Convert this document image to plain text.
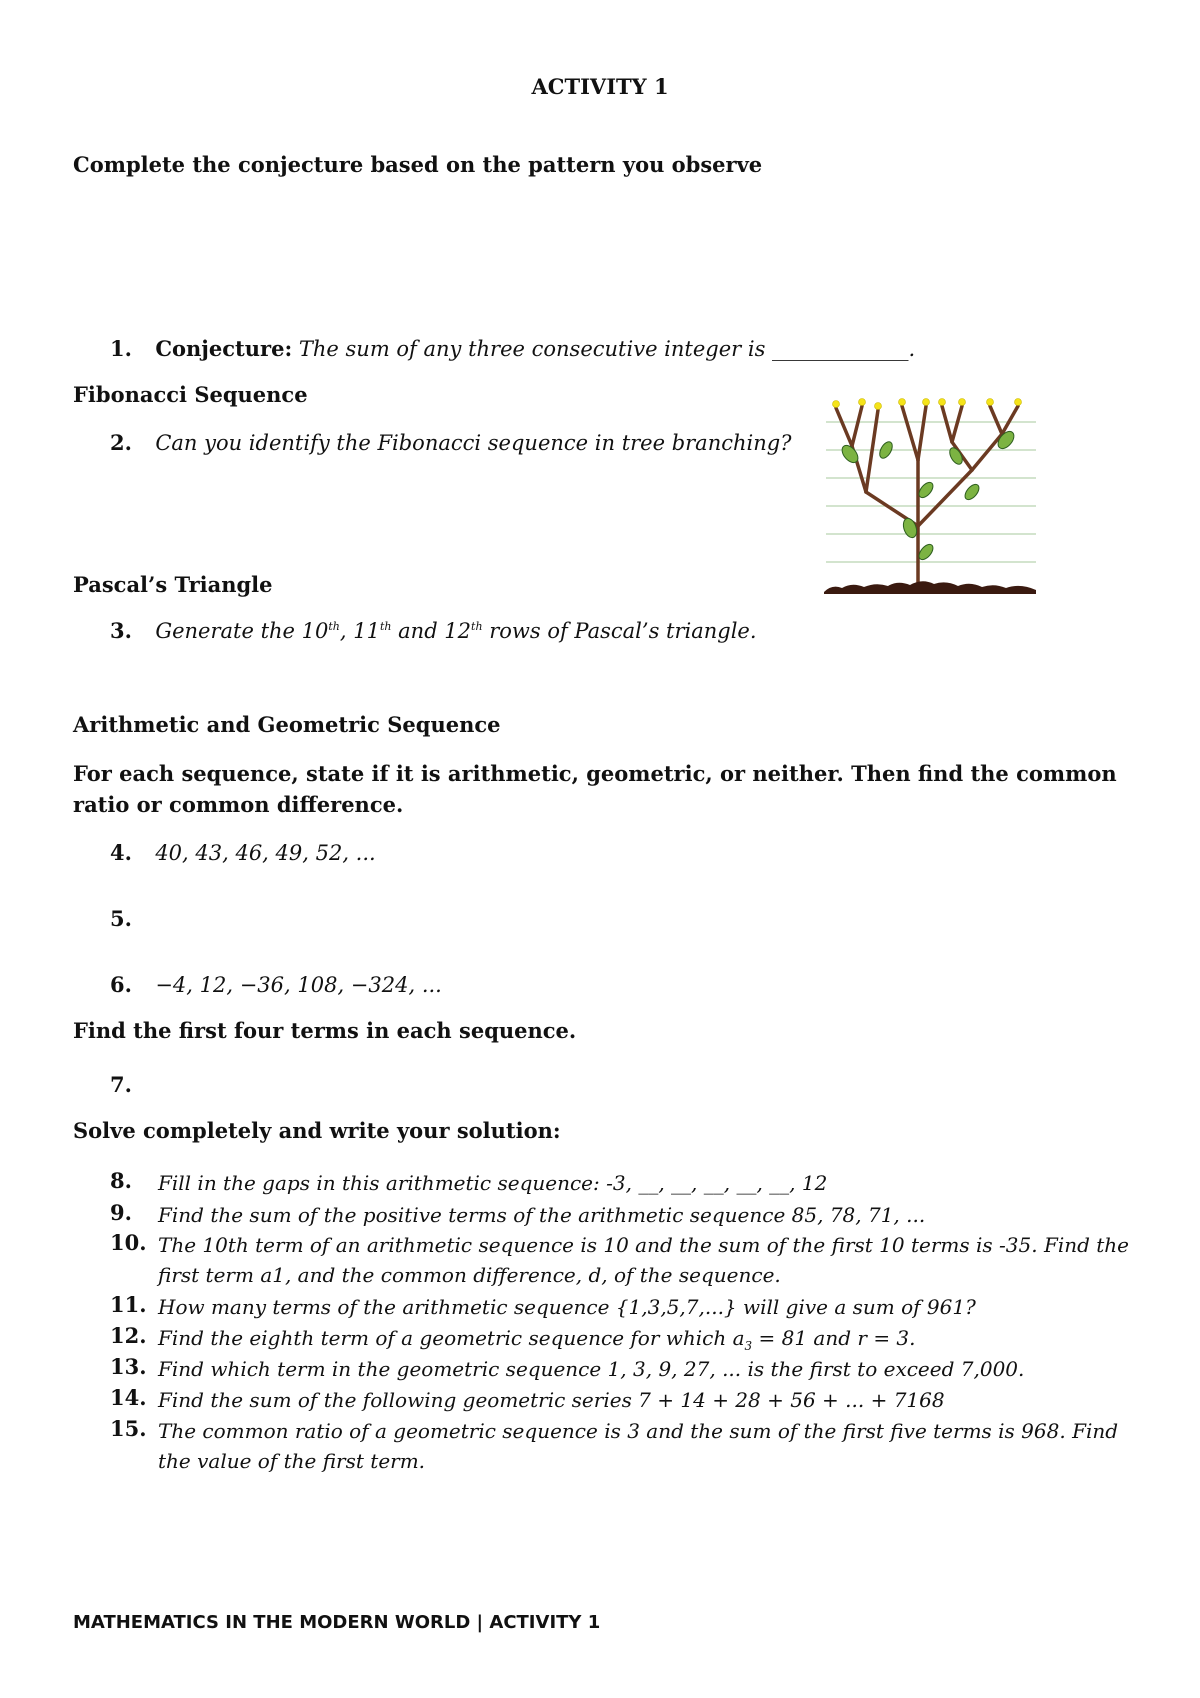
ACTIVITY 1
Complete the conjecture based on the pattern you observe
1. Conjecture: The sum of any three consecutive integer is _____________.
Fibonacci Sequence
2. Can you identify the Fibonacci sequence in tree branching?
Pascal’s Triangle
3. Generate the 10th, 11th and 12th rows of Pascal’s triangle.
Arithmetic and Geometric Sequence
For each sequence, state if it is arithmetic, geometric, or neither. Then find the common ratio or common difference.
4. 40, 43, 46, 49, 52, ...
5.
6. −4, 12, −36, 108, −324, ...
Find the first four terms in each sequence.
7.
Solve completely and write your solution:
8. Fill in the gaps in this arithmetic sequence: -3, __, __, __, __, __, 12
9. Find the sum of the positive terms of the arithmetic sequence 85, 78, 71, ...
10. The 10th term of an arithmetic sequence is 10 and the sum of the first 10 terms is -35. Find the first term a1, and the common difference, d, of the sequence.
11. How many terms of the arithmetic sequence {1,3,5,7,...} will give a sum of 961?
12. Find the eighth term of a geometric sequence for which $a_3 = 81$ and r = 3.
13. Find which term in the geometric sequence 1, 3, 9, 27, ... is the first to exceed 7,000.
14. Find the sum of the following geometric series 7 + 14 + 28 + 56 + ... + 7168
15. The common ratio of a geometric sequence is 3 and the sum of the first five terms is 968. Find the value of the first term.
MATHEMATICS IN THE MODERN WORLD | ACTIVITY 1
